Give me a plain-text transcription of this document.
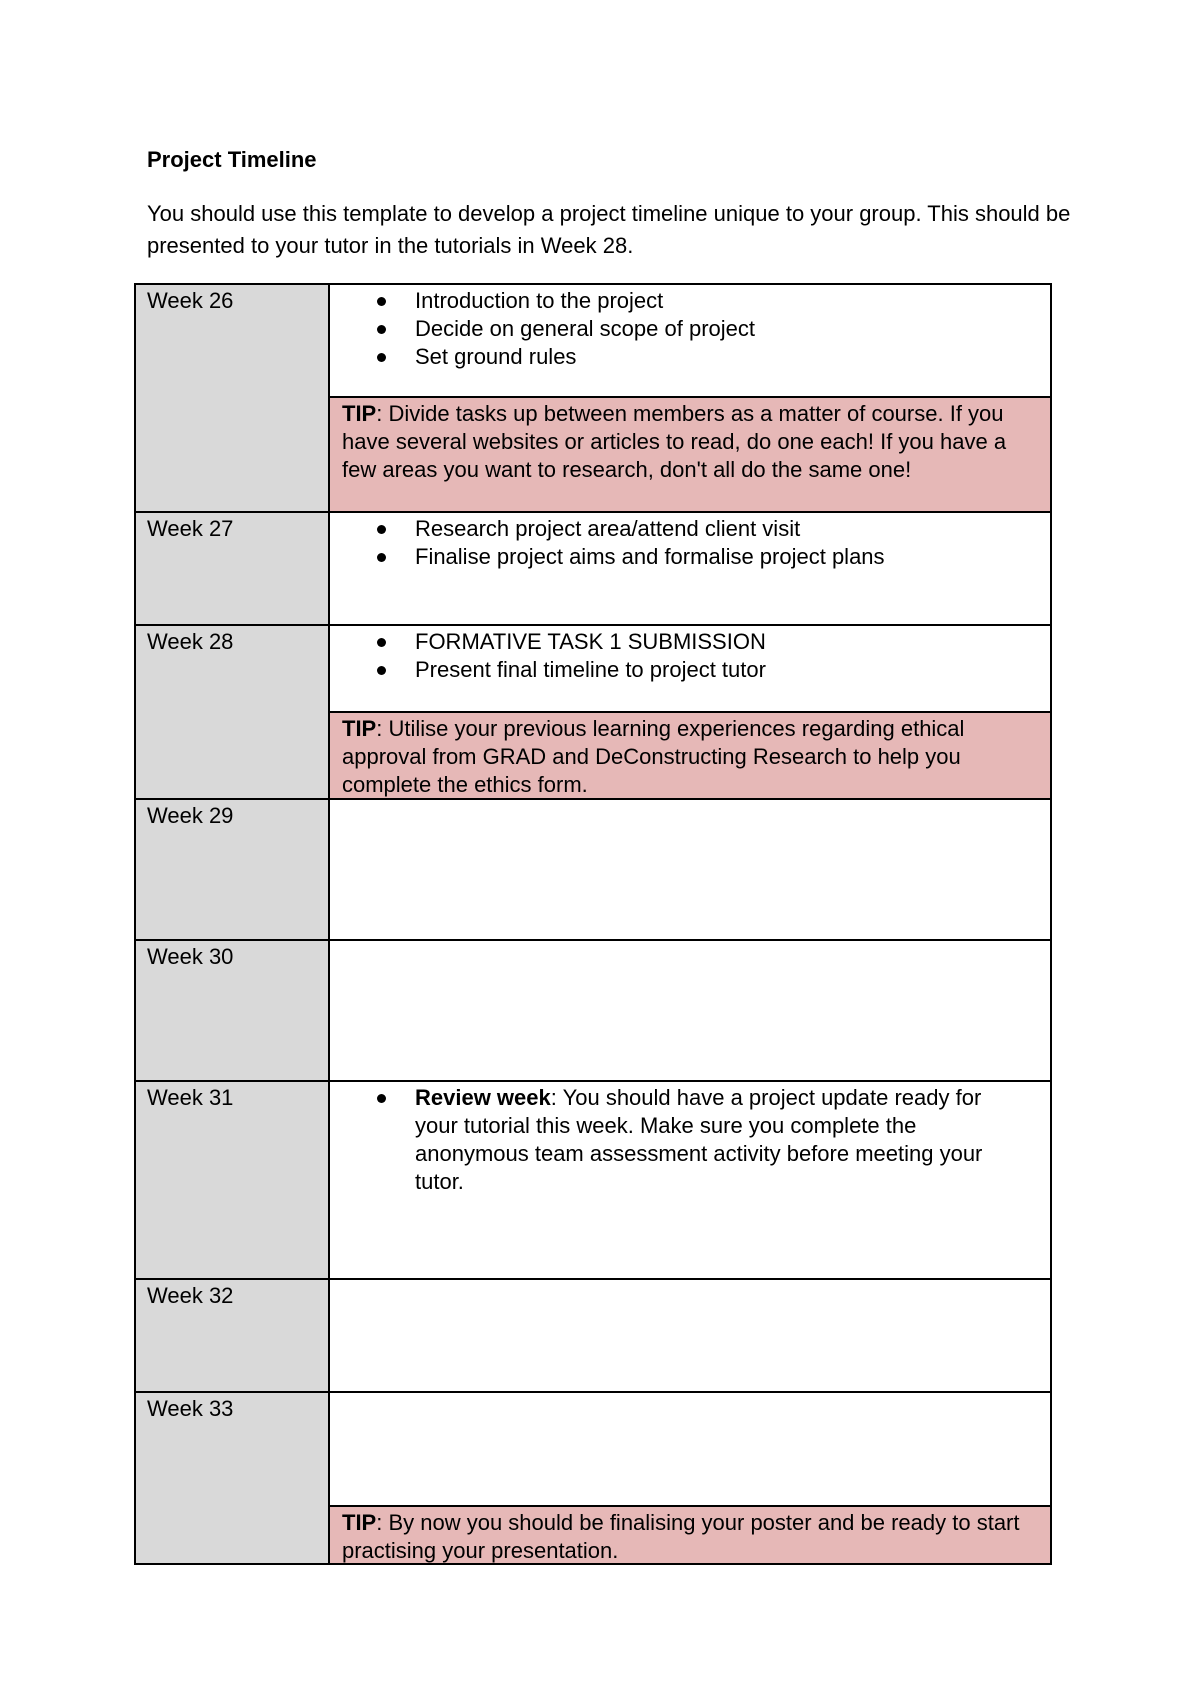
Project Timeline
You should use this template to develop a project timeline unique to your group. This should be presented to your tutor in the tutorials in Week 28.
Week 26	Introduction to the project
Decide on general scope of project
Set ground rules
TIP: Divide tasks up between members as a matter of course. If you have several websites or articles to read, do one each! If you have a few areas you want to research, don't all do the same one!
Week 27	Research project area/attend client visit
Finalise project aims and formalise project plans
Week 28	FORMATIVE TASK 1 SUBMISSION
Present final timeline to project tutor
TIP: Utilise your previous learning experiences regarding ethical approval from GRAD and DeConstructing Research to help you complete the ethics form.
Week 29
Week 30
Week 31	Review week: You should have a project update ready for your tutorial this week. Make sure you complete the anonymous team assessment activity before meeting your tutor.
Week 32
Week 33
TIP: By now you should be finalising your poster and be ready to start practising your presentation.
